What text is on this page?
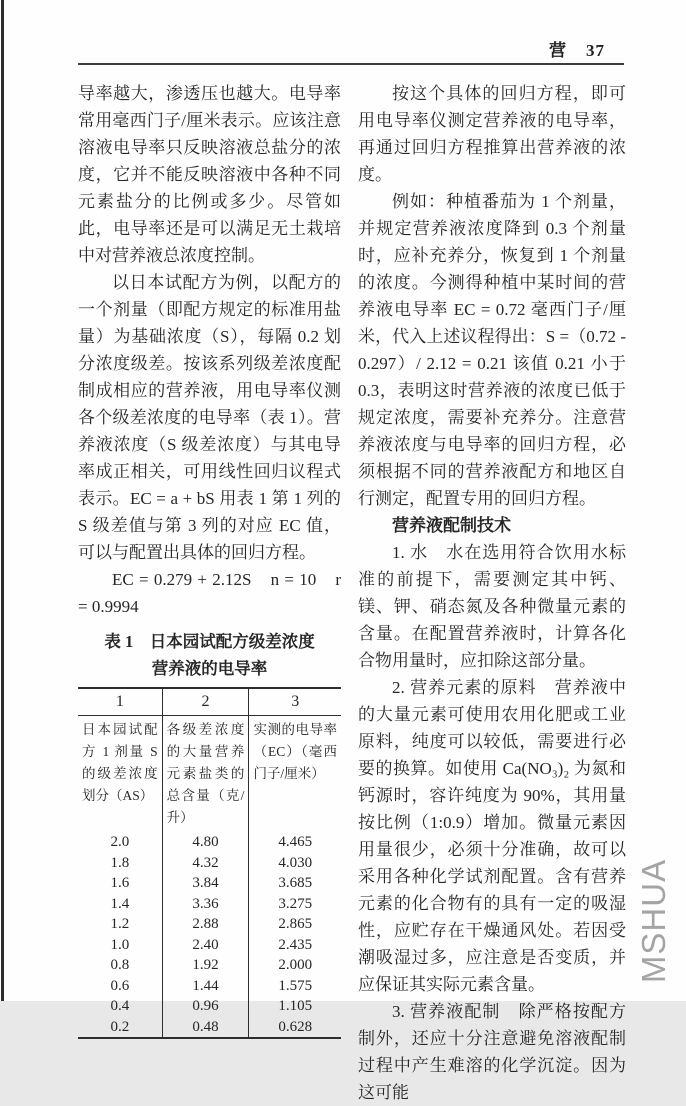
营 37

导率越大，渗透压也越大。电导率常用毫西门子/厘米表示。应该注意溶液电导率只反映溶液总盐分的浓度，它并不能反映溶液中各种不同元素盐分的比例或多少。尽管如此，电导率还是可以满足无土栽培中对营养液总浓度控制。

以日本试配方为例，以配方的一个剂量（即配方规定的标准用盐量）为基础浓度（S），每隔 0.2 划分浓度级差。按该系列级差浓度配制成相应的营养液，用电导率仪测各个级差浓度的电导率（表 1）。营养液浓度（S 级差浓度）与其电导率成正相关，可用线性回归议程式表示。EC = a + bS 用表 1 第 1 列的 S 级差值与第 3 列的对应 EC 值，可以与配置出具体的回归方程。

EC = 0.279 + 2.12S　n = 10　r = 0.9994

表 1　日本园试配方级差浓度

营养液的电导率

1	2	3
日本园试配方 1 剂量 S 的级差浓度划分（AS）	各级差浓度的大量营养元素盐类的总含量（克/升）	实测的电导率（EC）（毫西门子/厘米）
2.0	4.80	4.465
1.8	4.32	4.030
1.6	3.84	3.685
1.4	3.36	3.275
1.2	2.88	2.865
1.0	2.40	2.435
0.8	1.92	2.000
0.6	1.44	1.575
0.4	0.96	1.105
0.2	0.48	0.628

按这个具体的回归方程，即可用电导率仪测定营养液的电导率，再通过回归方程推算出营养液的浓度。

例如：种植番茄为 1 个剂量，并规定营养液浓度降到 0.3 个剂量时，应补充养分，恢复到 1 个剂量的浓度。今测得种植中某时间的营养液电导率 EC = 0.72 毫西门子/厘米，代入上述议程得出：S =（0.72 - 0.297）/ 2.12 = 0.21 该值 0.21 小于 0.3，表明这时营养液的浓度已低于规定浓度，需要补充养分。注意营养液浓度与电导率的回归方程，必须根据不同的营养液配方和地区自行测定，配置专用的回归方程。

营养液配制技术

1. 水　水在选用符合饮用水标准的前提下，需要测定其中钙、镁、钾、硝态氮及各种微量元素的含量。在配置营养液时，计算各化合物用量时，应扣除这部分量。

2. 营养元素的原料　营养液中的大量元素可使用农用化肥或工业原料，纯度可以较低，需要进行必要的换算。如使用 Ca(NO₃)₂ 为氮和钙源时，容许纯度为 90%，其用量按比例（1:0.9）增加。微量元素因用量很少，必须十分准确，故可以采用各种化学试剂配置。含有营养元素的化合物有的具有一定的吸湿性，应贮存在干燥通风处。若因受潮吸湿过多，应注意是否变质，并应保证其实际元素含量。

3. 营养液配制　除严格按配方制外，还应十分注意避免溶液配制过程中产生难溶的化学沉淀。因为这可能

MSHUA
